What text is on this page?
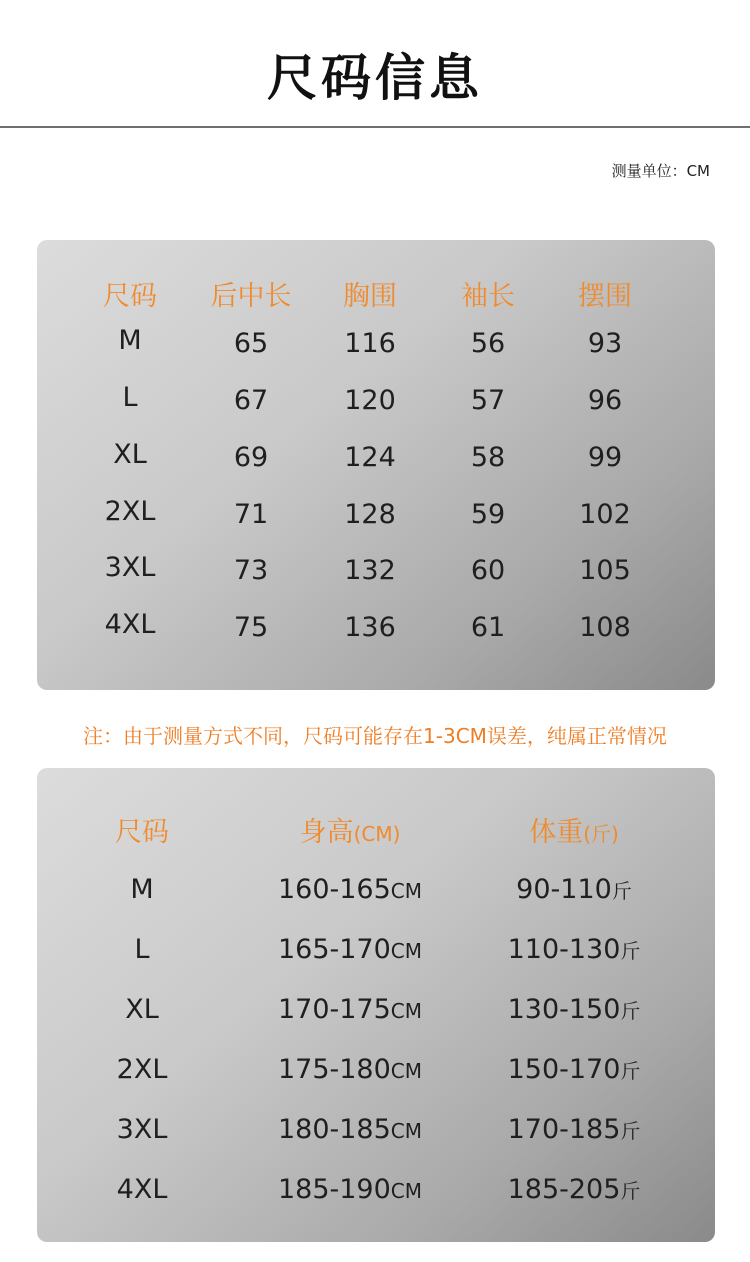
尺码信息
测量单位：CM
尺码	后中长	胸围	袖长	摆围
M	65	116	56	93
L	67	120	57	96
XL	69	124	58	99
2XL	71	128	59	102
3XL	73	132	60	105
4XL	75	136	61	108
注：由于测量方式不同，尺码可能存在1-3CM误差，纯属正常情况
尺码	身高(CM)	体重(斤)
M	160-165CM	90-110斤
L	165-170CM	110-130斤
XL	170-175CM	130-150斤
2XL	175-180CM	150-170斤
3XL	180-185CM	170-185斤
4XL	185-190CM	185-205斤
